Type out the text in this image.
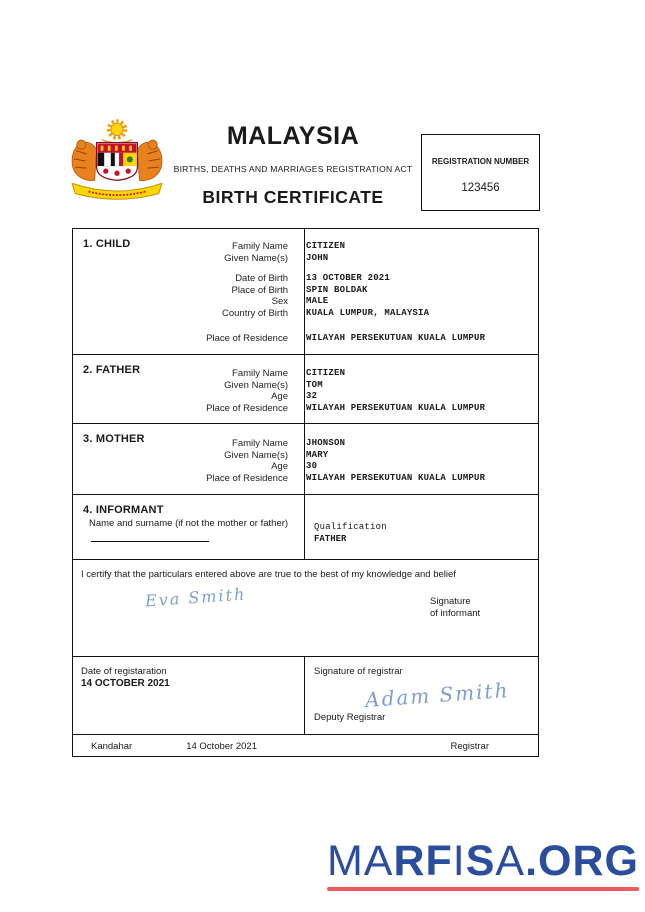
MALAYSIA
BIRTHS, DEATHS AND MARRIAGES REGISTRATION ACT
BIRTH CERTIFICATE
REGISTRATION NUMBER
123456
1. CHILD	Family Name	CITIZEN
Given Name(s)	JOHN
Date of Birth	13 OCTOBER 2021
Place of Birth	SPIN BOLDAK
Sex	MALE
Country of Birth	KUALA LUMPUR, MALAYSIA
Place of Residence	WILAYAH PERSEKUTUAN KUALA LUMPUR
2. FATHER	Family Name	CITIZEN
Given Name(s)	TOM
Age	32
Place of Residence	WILAYAH PERSEKUTUAN KUALA LUMPUR
3. MOTHER	Family Name	JHONSON
Given Name(s)	MARY
Age	30
Place of Residence	WILAYAH PERSEKUTUAN KUALA LUMPUR
4. INFORMANT
Name and surname (if not the mother or father)	Qualification
FATHER
I certify that the particulars entered above are true to the best of my knowledge and belief
Eva Smith	Signature
of informant
Date of registaration
14 OCTOBER 2021
Signature of registrar
Adam Smith
Deputy Registrar
Kandahar	14 October 2021	Registrar
MARFISA.ORG
